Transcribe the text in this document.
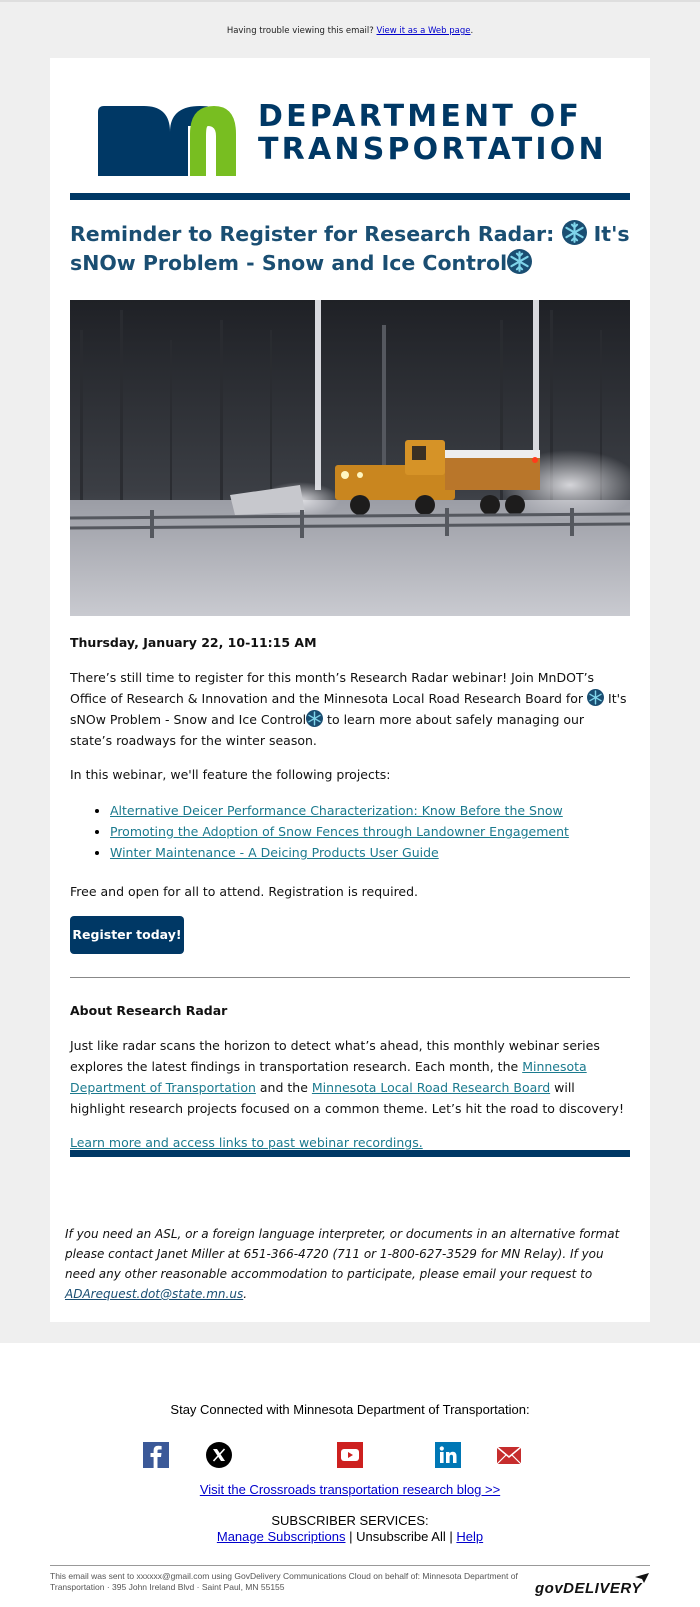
Having trouble viewing this email? View it as a Web page.
DEPARTMENT OF
TRANSPORTATION
Reminder to Register for Research Radar: It's sNOw Problem - Snow and Ice Control
Thursday, January 22, 10-11:15 AM
There’s still time to register for this month’s Research Radar webinar! Join MnDOT’s Office of Research & Innovation and the Minnesota Local Road Research Board for It's sNOw Problem - Snow and Ice Control to learn more about safely managing our state’s roadways for the winter season.
In this webinar, we'll feature the following projects:
• Alternative Deicer Performance Characterization: Know Before the Snow
• Promoting the Adoption of Snow Fences through Landowner Engagement
• Winter Maintenance - A Deicing Products User Guide
Free and open for all to attend. Registration is required.
Register today!
About Research Radar
Just like radar scans the horizon to detect what’s ahead, this monthly webinar series explores the latest findings in transportation research. Each month, the Minnesota Department of Transportation and the Minnesota Local Road Research Board will highlight research projects focused on a common theme. Let’s hit the road to discovery!
Learn more and access links to past webinar recordings.
If you need an ASL, or a foreign language interpreter, or documents in an alternative format please contact Janet Miller at 651-366-4720 (711 or 1-800-627-3529 for MN Relay). If you need any other reasonable accommodation to participate, please email your request to ADArequest.dot@state.mn.us.
Stay Connected with Minnesota Department of Transportation:
Visit the Crossroads transportation research blog >>
SUBSCRIBER SERVICES:
Manage Subscriptions | Unsubscribe All | Help
This email was sent to xxxxxx@gmail.com using GovDelivery Communications Cloud on behalf of: Minnesota Department of Transportation · 395 John Ireland Blvd · Saint Paul, MN 55155	govDELIVERY
